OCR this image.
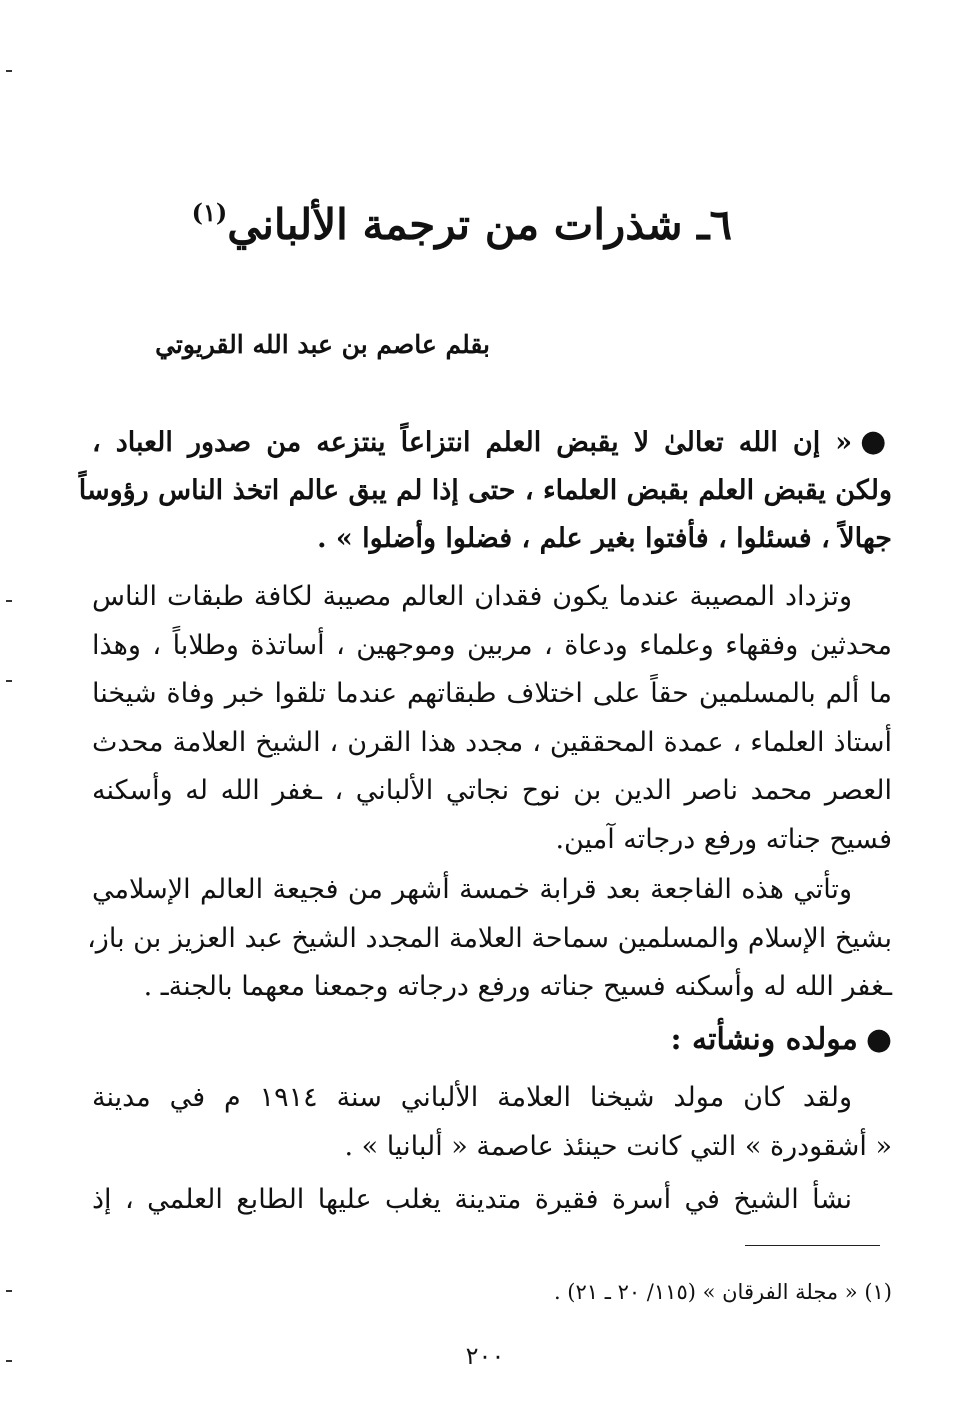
٦ـ شذرات من ترجمة الألباني$^{(١)}$
بقلم عاصم بن عبد الله القريوتي
●« إن الله تعالىٰ لا يقبض العلم انتزاعاً ينتزعه من صدور العباد ،
ولكن يقبض العلم بقبض العلماء ، حتى إذا لم يبق عالم اتخذ الناس رؤوساً
جهالاً ، فسئلوا ، فأفتوا بغير علم ، فضلوا وأضلوا » .
وتزداد المصيبة عندما يكون فقدان العالم مصيبة لكافة طبقات الناس
محدثين وفقهاء وعلماء ودعاة ، مربين وموجهين ، أساتذة وطلاباً ، وهذا
ما ألم بالمسلمين حقاً على اختلاف طبقاتهم عندما تلقوا خبر وفاة شيخنا
أستاذ العلماء ، عمدة المحققين ، مجدد هذا القرن ، الشيخ العلامة محدث
العصر محمد ناصر الدين بن نوح نجاتي الألباني ، ـغفر الله له وأسكنه
فسيح جناته ورفع درجاته آمين.
وتأتي هذه الفاجعة بعد قرابة خمسة أشهر من فجيعة العالم الإسلامي
بشيخ الإسلام والمسلمين سماحة العلامة المجدد الشيخ عبد العزيز بن باز،
ـغفر الله له وأسكنه فسيح جناته ورفع درجاته وجمعنا معهما بالجنةـ .
●مولده ونشأته :
ولقد كان مولد شيخنا العلامة الألباني سنة ١٩١٤ م في مدينة
« أشقودرة » التي كانت حينئذ عاصمة « ألبانيا » .
نشأ الشيخ في أسرة فقيرة متدينة يغلب عليها الطابع العلمي ، إذ
(١) « مجلة الفرقان » (١١٥/ ٢٠ ـ ٢١) .
٢٠٠
